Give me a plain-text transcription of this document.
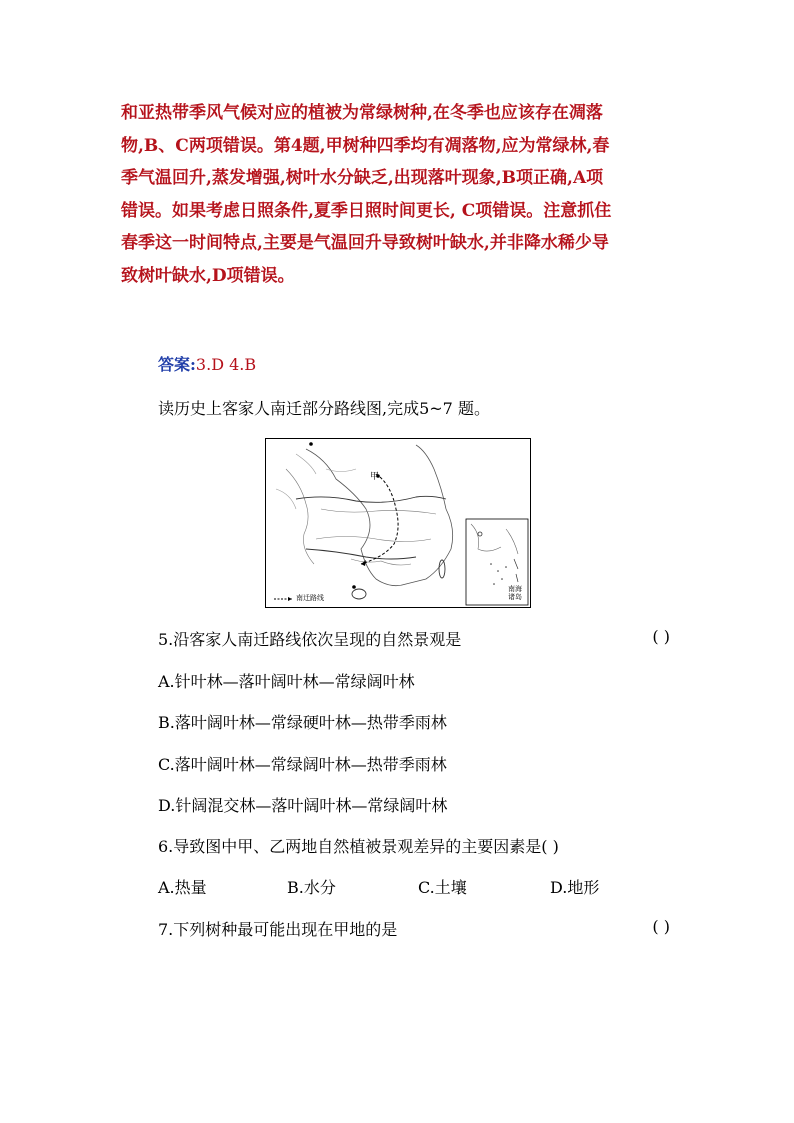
和亚热带季风气候对应的植被为常绿树种,在冬季也应该存在凋落

物,B、C两项错误。第4题,甲树种四季均有凋落物,应为常绿林,春

季气温回升,蒸发增强,树叶水分缺乏,出现落叶现象,B项正确,A项

错误。如果考虑日照条件,夏季日照时间更长, C项错误。注意抓住

春季这一时间特点,主要是气温回升导致树叶缺水,并非降水稀少导

致树叶缺水,D项错误。

答案:3.D 4.B
读历史上客家人南迁部分路线图,完成5~7 题。
甲
南迁路线
南海诸岛
5.沿客家人南迁路线依次呈现的自然景观是	( )
A.针叶林—落叶阔叶林—常绿阔叶林
B.落叶阔叶林—常绿硬叶林—热带季雨林
C.落叶阔叶林—常绿阔叶林—热带季雨林
D.针阔混交林—落叶阔叶林—常绿阔叶林
6.导致图中甲、乙两地自然植被景观差异的主要因素是( )
A.热量	B.水分	C.土壤	D.地形
7.下列树种最可能出现在甲地的是	( )
